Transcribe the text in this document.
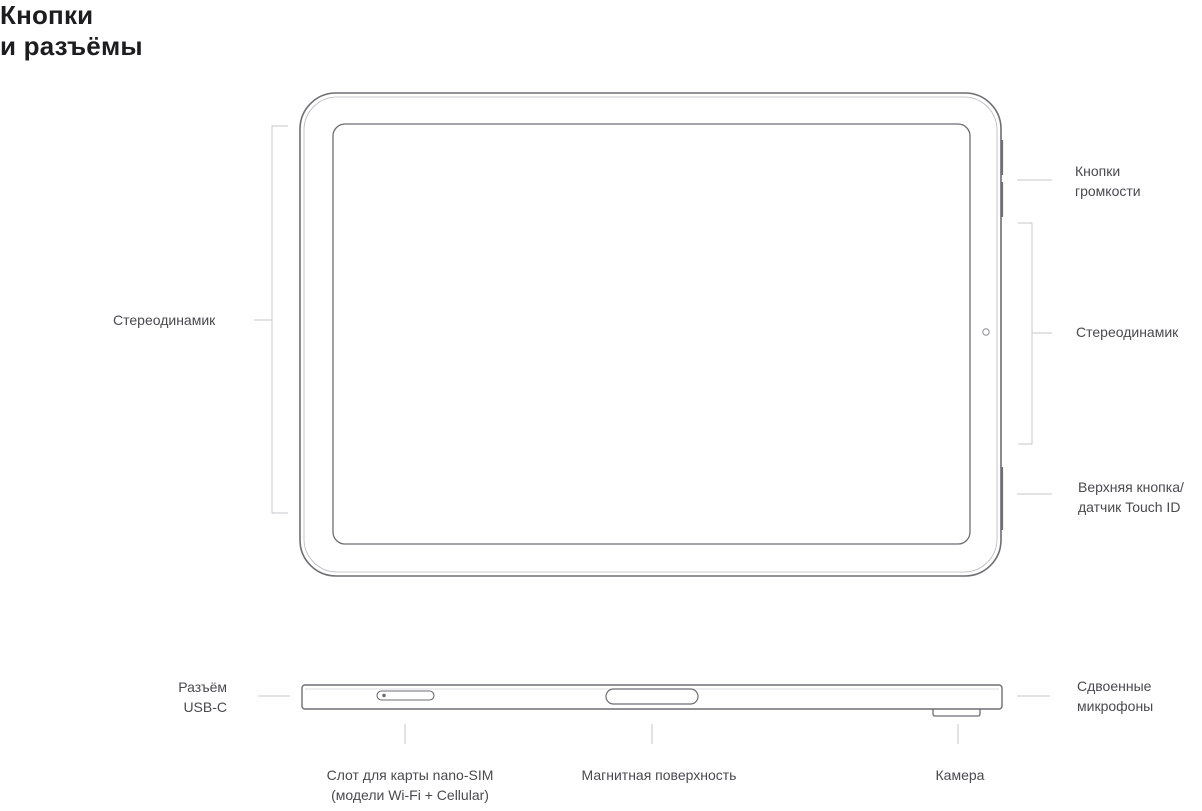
Кнопки
и разъёмы
Стереодинамик
Кнопки
громкости
Стереодинамик
Верхняя кнопка/
датчик Touch ID
Разъём
USB-C
Сдвоенные
микрофоны
Слот для карты nano-SIM
(модели Wi-Fi + Cellular)
Магнитная поверхность	Камера
